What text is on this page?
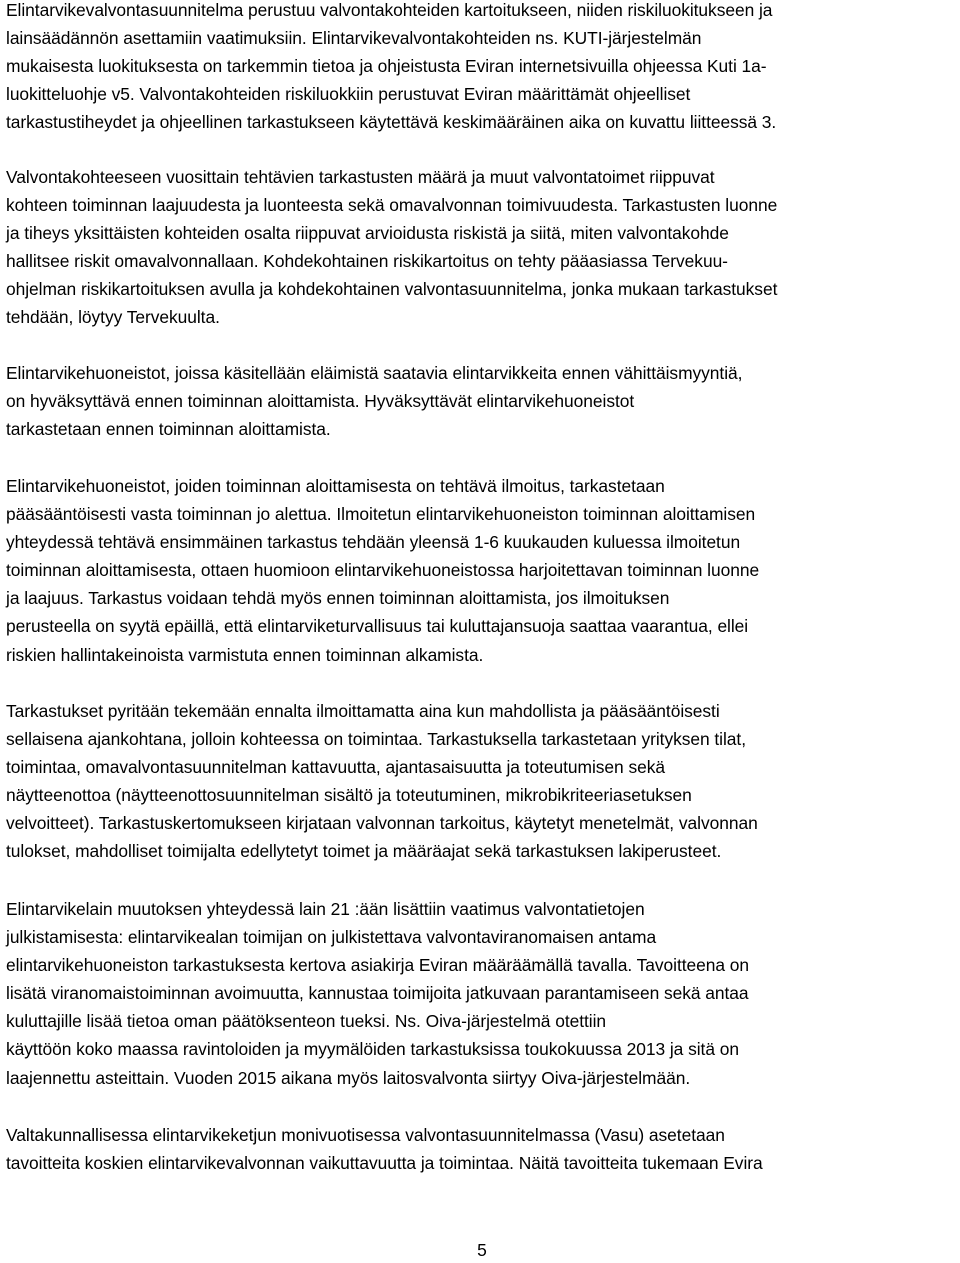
Elintarvikevalvontasuunnitelma perustuu valvontakohteiden kartoitukseen, niiden riskiluokitukseen ja
lainsäädännön asettamiin vaatimuksiin. Elintarvikevalvontakohteiden ns. KUTI-järjestelmän
mukaisesta luokituksesta on tarkemmin tietoa ja ohjeistusta Eviran internetsivuilla ohjeessa Kuti 1a-
luokitteluohje v5. Valvontakohteiden riskiluokkiin perustuvat Eviran määrittämät ohjeelliset
tarkastustiheydet ja ohjeellinen tarkastukseen käytettävä keskimääräinen aika on kuvattu liitteessä 3.

Valvontakohteeseen vuosittain tehtävien tarkastusten määrä ja muut valvontatoimet riippuvat
kohteen toiminnan laajuudesta ja luonteesta sekä omavalvonnan toimivuudesta. Tarkastusten luonne
ja tiheys yksittäisten kohteiden osalta riippuvat arvioidusta riskistä ja siitä, miten valvontakohde
hallitsee riskit omavalvonnallaan. Kohdekohtainen riskikartoitus on tehty pääasiassa Tervekuu-
ohjelman riskikartoituksen avulla ja kohdekohtainen valvontasuunnitelma, jonka mukaan tarkastukset
tehdään, löytyy Tervekuulta.

Elintarvikehuoneistot, joissa käsitellään eläimistä saatavia elintarvikkeita ennen vähittäismyyntiä,
on hyväksyttävä ennen toiminnan aloittamista. Hyväksyttävät elintarvikehuoneistot
tarkastetaan ennen toiminnan aloittamista.

Elintarvikehuoneistot, joiden toiminnan aloittamisesta on tehtävä ilmoitus, tarkastetaan
pääsääntöisesti vasta toiminnan jo alettua. Ilmoitetun elintarvikehuoneiston toiminnan aloittamisen
yhteydessä tehtävä ensimmäinen tarkastus tehdään yleensä 1-6 kuukauden kuluessa ilmoitetun
toiminnan aloittamisesta, ottaen huomioon elintarvikehuoneistossa harjoitettavan toiminnan luonne
ja laajuus. Tarkastus voidaan tehdä myös ennen toiminnan aloittamista, jos ilmoituksen
perusteella on syytä epäillä, että elintarviketurvallisuus tai kuluttajansuoja saattaa vaarantua, ellei
riskien hallintakeinoista varmistuta ennen toiminnan alkamista.

Tarkastukset pyritään tekemään ennalta ilmoittamatta aina kun mahdollista ja pääsääntöisesti
sellaisena ajankohtana, jolloin kohteessa on toimintaa. Tarkastuksella tarkastetaan yrityksen tilat,
toimintaa, omavalvontasuunnitelman kattavuutta, ajantasaisuutta ja toteutumisen sekä
näytteenottoa (näytteenottosuunnitelman sisältö ja toteutuminen, mikrobikriteeriasetuksen
velvoitteet). Tarkastuskertomukseen kirjataan valvonnan tarkoitus, käytetyt menetelmät, valvonnan
tulokset, mahdolliset toimijalta edellytetyt toimet ja määräajat sekä tarkastuksen lakiperusteet.

Elintarvikelain muutoksen yhteydessä lain 21 :ään lisättiin vaatimus valvontatietojen
julkistamisesta: elintarvikealan toimijan on julkistettava valvontaviranomaisen antama
elintarvikehuoneiston tarkastuksesta kertova asiakirja Eviran määräämällä tavalla. Tavoitteena on
lisätä viranomaistoiminnan avoimuutta, kannustaa toimijoita jatkuvaan parantamiseen sekä antaa
kuluttajille lisää tietoa oman päätöksenteon tueksi. Ns. Oiva-järjestelmä otettiin
käyttöön koko maassa ravintoloiden ja myymälöiden tarkastuksissa toukokuussa 2013 ja sitä on
laajennettu asteittain. Vuoden 2015 aikana myös laitosvalvonta siirtyy Oiva-järjestelmään.

Valtakunnallisessa elintarvikeketjun monivuotisessa valvontasuunnitelmassa (Vasu) asetetaan
tavoitteita koskien elintarvikevalvonnan vaikuttavuutta ja toimintaa. Näitä tavoitteita tukemaan Evira

5
